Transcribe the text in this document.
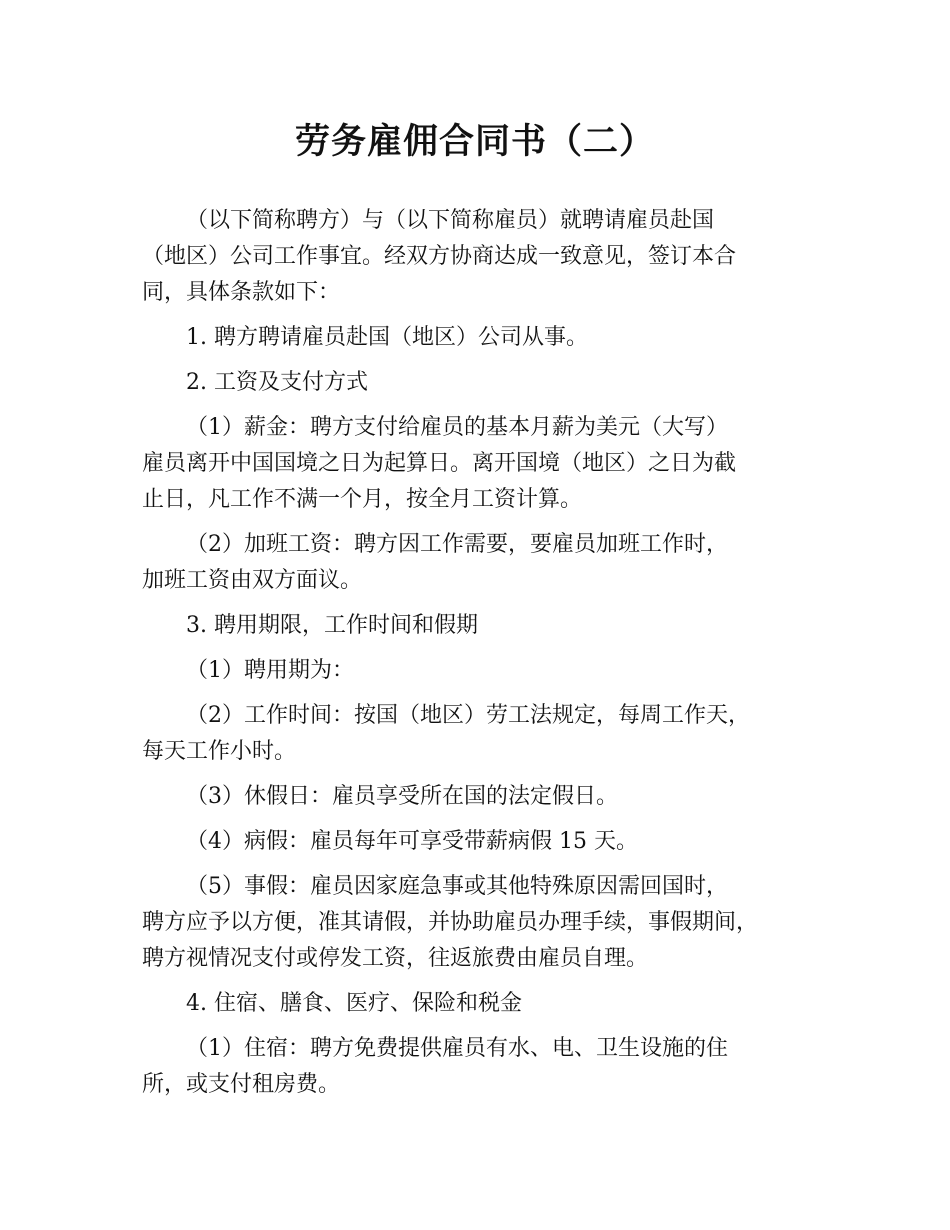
劳务雇佣合同书（二）

（以下简称聘方）与（以下简称雇员）就聘请雇员赴国
（地区）公司工作事宜。经双方协商达成一致意见，签订本合
同，具体条款如下：

1. 聘方聘请雇员赴国（地区）公司从事。

2. 工资及支付方式

（1）薪金：聘方支付给雇员的基本月薪为美元（大写）
雇员离开中国国境之日为起算日。离开国境（地区）之日为截
止日，凡工作不满一个月，按全月工资计算。

（2）加班工资：聘方因工作需要，要雇员加班工作时，
加班工资由双方面议。

3. 聘用期限，工作时间和假期

（1）聘用期为：

（2）工作时间：按国（地区）劳工法规定，每周工作天，
每天工作小时。

（3）休假日：雇员享受所在国的法定假日。

（4）病假：雇员每年可享受带薪病假 15 天。

（5）事假：雇员因家庭急事或其他特殊原因需回国时，
聘方应予以方便，准其请假，并协助雇员办理手续，事假期间，
聘方视情况支付或停发工资，往返旅费由雇员自理。

4. 住宿、膳食、医疗、保险和税金

（1）住宿：聘方免费提供雇员有水、电、卫生设施的住
所，或支付租房费。
